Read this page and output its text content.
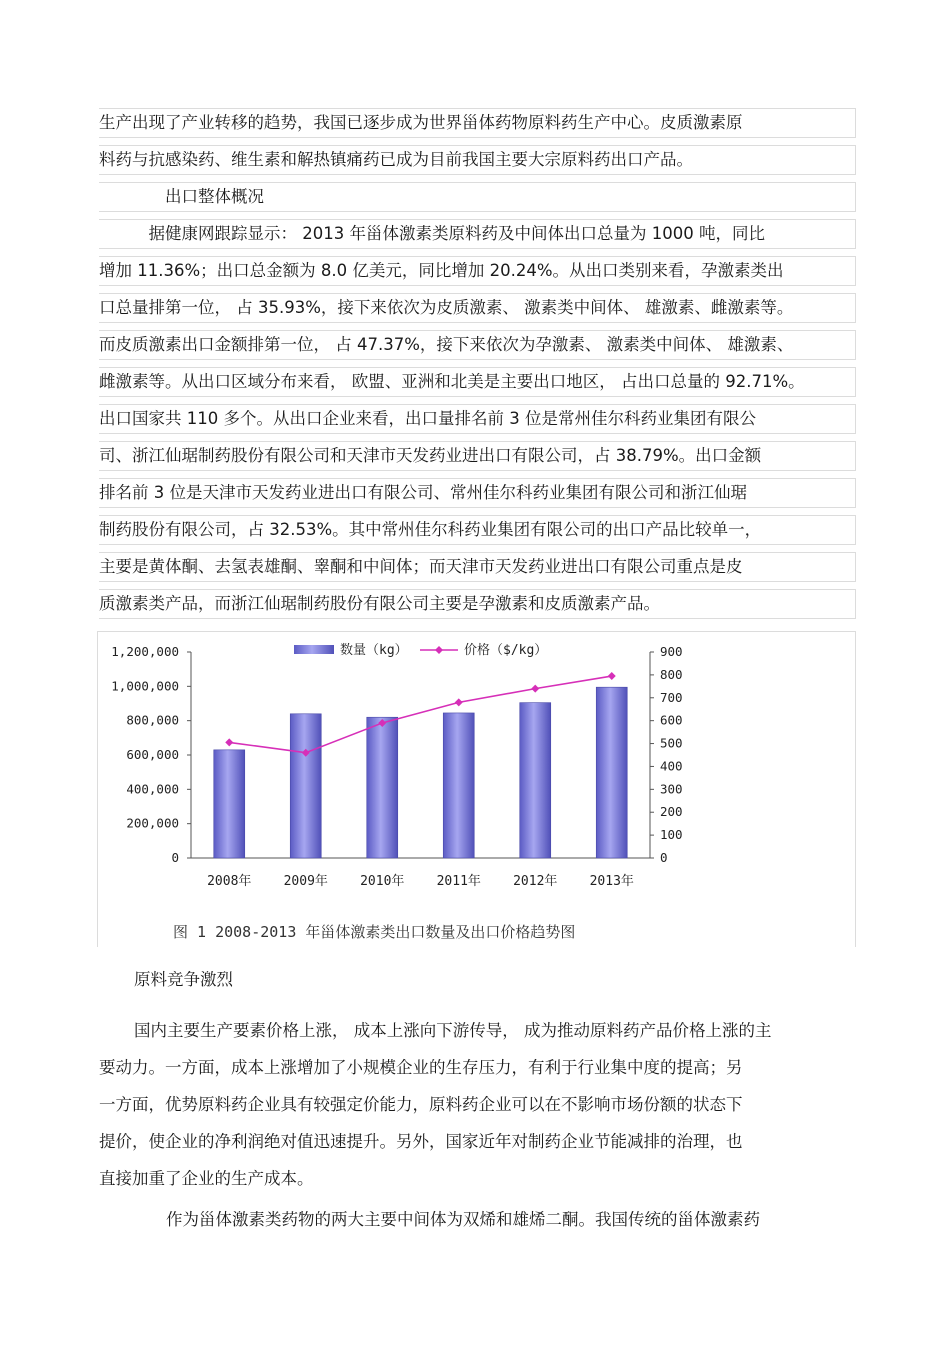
生产出现了产业转移的趋势，我国已逐步成为世界甾体药物原料药生产中心。皮质激素原
料药与抗感染药、维生素和解热镇痛药已成为目前我国主要大宗原料药出口产品。
出口整体概况
　　　据健康网跟踪显示： 2013 年甾体激素类原料药及中间体出口总量为 1000 吨，同比
增加 11.36%；出口总金额为 8.0 亿美元，同比增加 20.24%。从出口类别来看，孕激素类出
口总量排第一位， 占 35.93%，接下来依次为皮质激素、 激素类中间体、 雄激素、雌激素等。
而皮质激素出口金额排第一位， 占 47.37%，接下来依次为孕激素、 激素类中间体、 雄激素、
雌激素等。从出口区域分布来看， 欧盟、亚洲和北美是主要出口地区， 占出口总量的 92.71%。
出口国家共 110 多个。从出口企业来看，出口量排名前 3 位是常州佳尔科药业集团有限公
司、浙江仙琚制药股份有限公司和天津市天发药业进出口有限公司，占 38.79%。出口金额
排名前 3 位是天津市天发药业进出口有限公司、常州佳尔科药业集团有限公司和浙江仙琚
制药股份有限公司，占 32.53%。其中常州佳尔科药业集团有限公司的出口产品比较单一，
主要是黄体酮、去氢表雄酮、睾酮和中间体；而天津市天发药业进出口有限公司重点是皮
质激素类产品，而浙江仙琚制药股份有限公司主要是孕激素和皮质激素产品。
0
200,000
400,000
600,000
800,000
1,000,000
1,200,000
0
100
200
300
400
500
600
700
800
900
2008年 2009年 2010年 2011年 2012年 2013年
数量（kg）	价格（$/kg）
图 1 2008-2013 年甾体激素类出口数量及出口价格趋势图
原料竞争激烈
国内主要生产要素价格上涨， 成本上涨向下游传导， 成为推动原料药产品价格上涨的主
要动力。一方面，成本上涨增加了小规模企业的生存压力，有利于行业集中度的提高；另
一方面，优势原料药企业具有较强定价能力，原料药企业可以在不影响市场份额的状态下
提价，使企业的净利润绝对值迅速提升。另外，国家近年对制药企业节能减排的治理，也
直接加重了企业的生产成本。
作为甾体激素类药物的两大主要中间体为双烯和雄烯二酮。我国传统的甾体激素药
